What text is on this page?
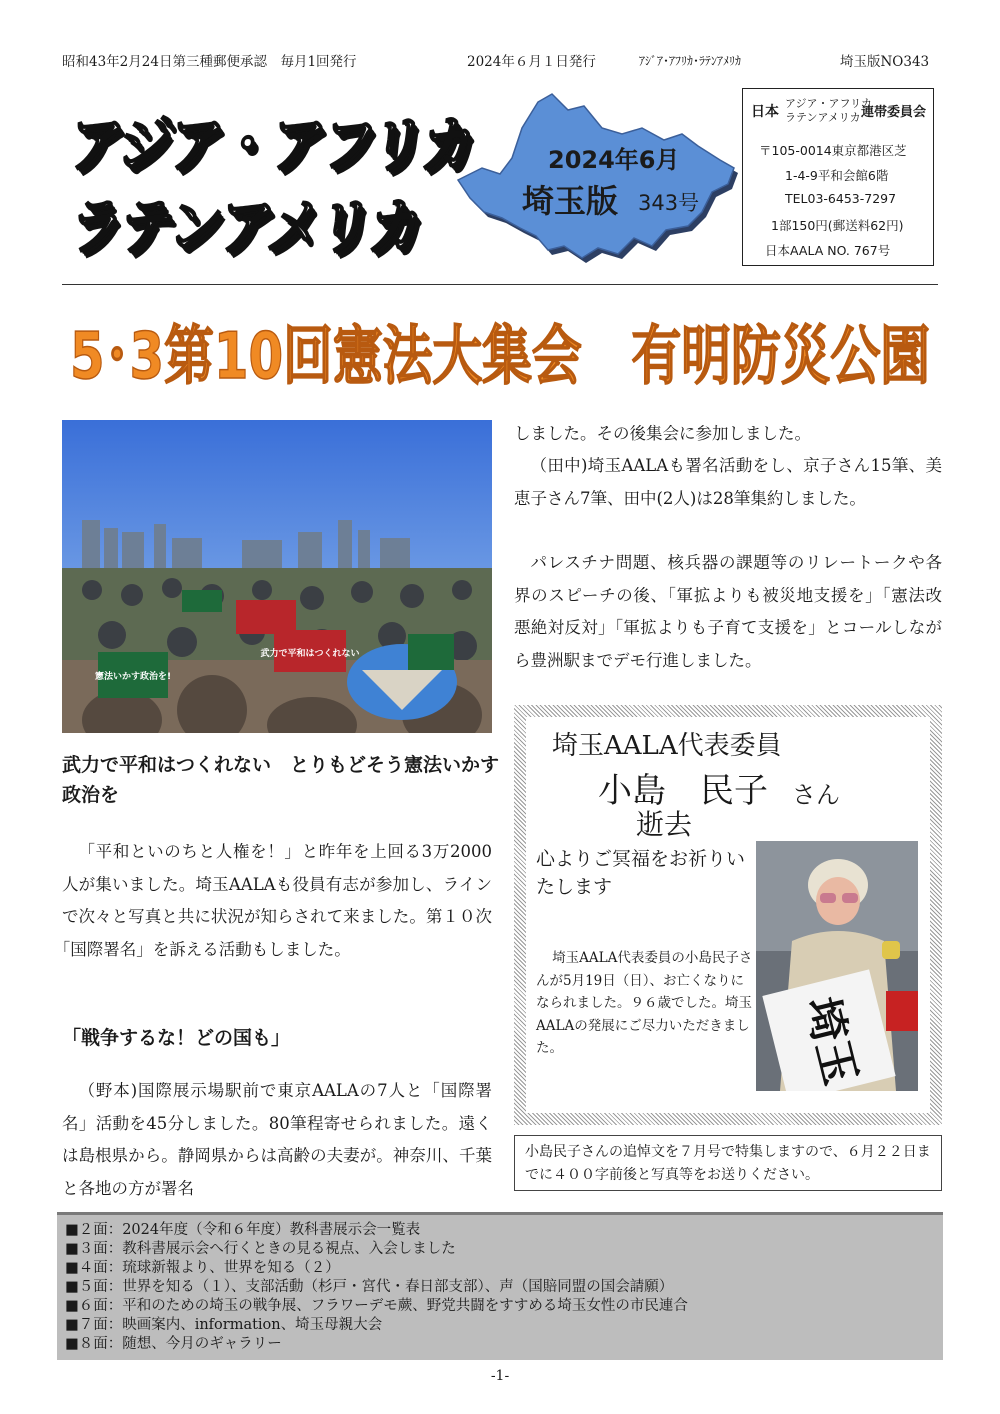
昭和43年2月24日第三種郵便承認　毎月1回発行	2024年６月１日発行	ｱｼﾞｱ･ｱﾌﾘｶ･ﾗﾃﾝｱﾒﾘｶ	埼玉版NO343
アジア・アフリカ
ラテンアメリカ
2024年6月
埼玉版 343号
日本
アジア・アフリカ
ラテンアメリカ 連帯委員会
〒105-0014東京都港区芝
1-4-9平和会館6階
TEL03-6453-7297
1部150円(郵送料62円)
日本AALA NO. 767号
5･3第10回憲法大集会　有明防災公園
武力で平和はつくれない
憲法いかす政治を!
武力で平和はつくれない　とりもどそう憲法いかす政治を
「平和といのちと人権を！」と昨年を上回る3万2000人が集いました。埼玉AALAも役員有志が参加し、ラインで次々と写真と共に状況が知らされて来ました。第１０次｢国際署名」を訴える活動もしました。
「戦争するな！どの国も」
（野本)国際展示場駅前で東京AALAの7人と「国際署名」活動を45分しました。80筆程寄せられました。遠くは島根県から。静岡県からは高齢の夫妻が。神奈川、千葉と各地の方が署名
しました。その後集会に参加しました。
（田中)埼玉AALAも署名活動をし、京子さん15筆、美恵子さん7筆、田中(2人)は28筆集約しました。
パレスチナ問題、核兵器の課題等のリレートークや各界のスピーチの後、「軍拡よりも被災地支援を」「憲法改悪絶対反対」「軍拡よりも子育て支援を」とコールしながら豊洲駅までデモ行進しました。
埼玉AALA代表委員
小島　民子 さん
逝去
心よりご冥福をお祈りいたします
埼玉AALA代表委員の小島民子さんが5月19日（日）、お亡くなりになられました。９６歳でした。埼玉AALAの発展にご尽力いただきました。	埼玉
小島民子さんの追悼文を７月号で特集しますので、６月２２日までに４００字前後と写真等をお送りください。
■２面：2024年度（令和６年度）教科書展示会一覧表
■３面：教科書展示会へ行くときの見る視点、入会しました
■４面：琉球新報より、世界を知る（２）
■５面：世界を知る（１）、支部活動（杉戸・宮代・春日部支部）、声（国賠同盟の国会請願）
■６面：平和のための埼玉の戦争展、フラワーデモ蕨、野党共闘をすすめる埼玉女性の市民連合
■７面：映画案内、information、埼玉母親大会
■８面：随想、今月のギャラリー
-1-
